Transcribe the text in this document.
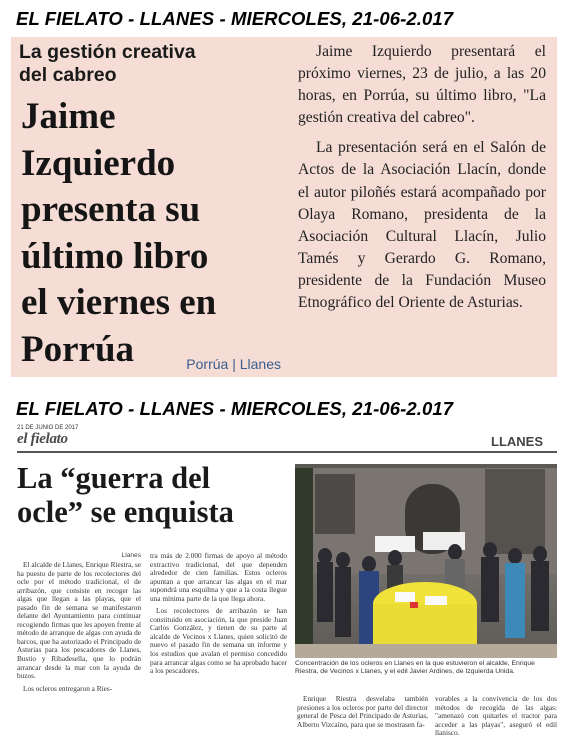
EL FIELATO - LLANES - MIERCOLES, 21-06-2.017
La gestión creativa
del cabreo
Jaime
Izquierdo
presenta su
último libro
el viernes en
Porrúa	Porrúa | Llanes

Jaime Izquierdo presentará el próximo viernes, 23 de julio, a las 20 horas, en Porrúa, su último libro, "La gestión creativa del cabreo".

La presentación será en el Salón de Actos de la Asociación Llacín, donde el autor piloñés estará acompañado por Olaya Romano, presidenta de la Asociación Cultural Llacín, Julio Tamés y Gerardo G. Romano, presidente de la Fundación Museo Etnográfico del Oriente de Asturias.

EL FIELATO - LLANES - MIERCOLES, 21-06-2.017
21 DE JUNIO DE 2017
el fielato	LLANES
La “guerra del
ocle” se enquista
Llanes

El alcalde de Llanes, Enrique Riestra, se ha puesto de parte de los recolectores del ocle por el método tradicional, el de arribazón, que consiste en recoger las algas que llegan a las playas, que el pasado fin de semana se manifestaron delante del Ayuntamiento para continuar recogiendo firmas que les apoyen frente al método de arranque de algas con ayuda de barcos, que ha autorizado el Principado de Asturias para los pescadores de Llanes, Bustio y Ribadesella, que lo podrán arrancar desde la mar con la ayuda de buzos.

Los ocleros entregaron a Ries-

tra más de 2.000 firmas de apoyo al método extractivo tradicional, del que dependen alrededor de cien familias. Estos ocleros apuntan a que arrancar las algas en el mar supondrá una esquilma y que a la costa llegue una mínima parte de la que llega ahora.

Los recolectores de arribazón se han constituido en asociación, la que preside Juan Carlos González, y tienen de su parte al alcalde de Vecinos x Llanes, quien solicitó de nuevo el pasado fin de semana un informe y los estudios que avalan el permiso concedido para arrancar algas como se ha aprobado hacer a los pescadores.

Concentración de los ocleros en Llanes en la que estuvieron el alcalde, Enrique Riestra, de Vecinos x Llanes, y el edil Javier Ardines, de Izquierda Unida.

Enrique Riestra desvelaba también presiones a los ocleros por parte del director general de Pesca del Principado de Asturias, Alberto Vizcaíno, para que se mostrasen fa-

vorables a la convivencia de los dos métodos de recogida de las algas: "amenazó con quitarles el tractor para acceder a las playas", aseguró el edil llanisco.
